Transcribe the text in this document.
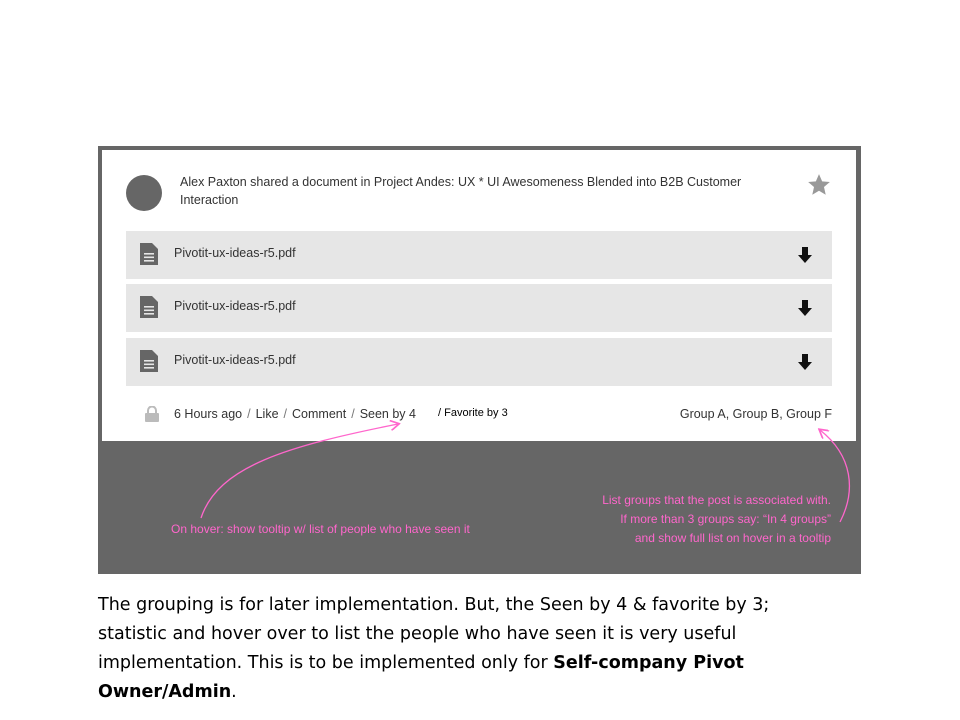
Alex Paxton shared a document in Project Andes: UX * UI Awesomeness Blended into B2B Customer Interaction
Pivotit-ux-ideas-r5.pdf
Pivotit-ux-ideas-r5.pdf
Pivotit-ux-ideas-r5.pdf
6 Hours ago / Like / Comment / Seen by 4	Group A, Group B, Group F
/ Favorite by 3
On hover: show tooltip w/ list of people who have seen it
List groups that the post is associated with.
If more than 3 groups say: “In 4 groups”
and show full list on hover in a tooltip
The grouping is for later implementation. But, the Seen by 4 & favorite by 3; statistic and hover over to list the people who have seen it is very useful implementation. This is to be implemented only for Self-company Pivot Owner/Admin.
